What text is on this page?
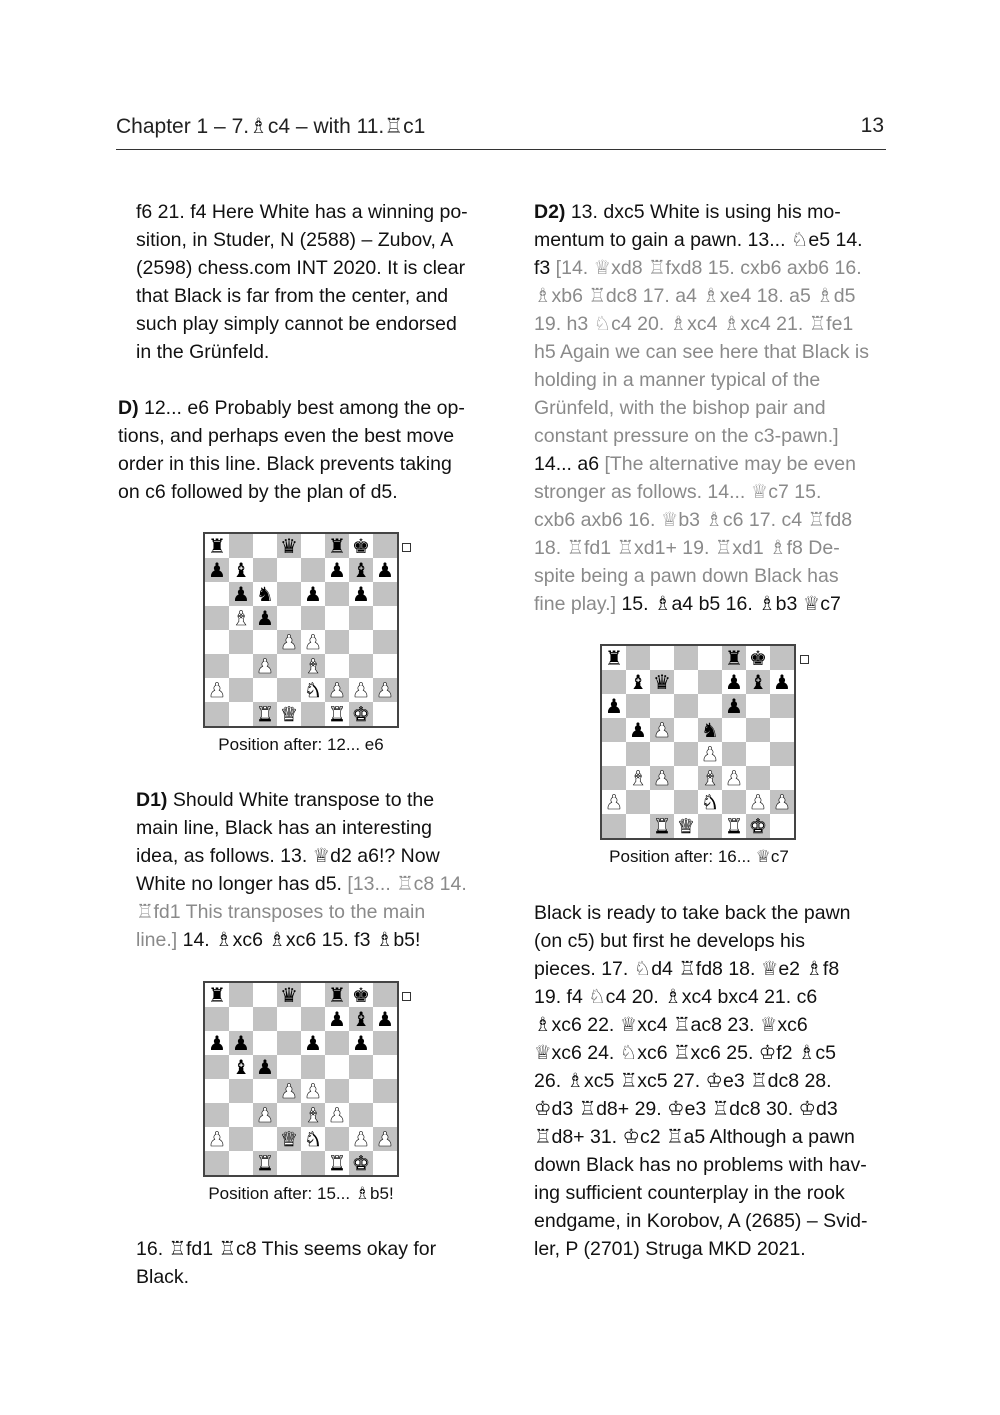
Chapter 1 – 7.♗c4 – with 11.♖c1	13
f6 21. f4 Here White has a winning po-
sition, in Studer, N (2588) – Zubov, A
(2598) chess.com INT 2020. It is clear
that Black is far from the center, and
such play simply cannot be endorsed
in the Grünfeld.
D) 12... e6 Probably best among the op-
tions, and perhaps even the best move
order in this line. Black prevents taking
on c6 followed by the plan of d5.
♜	♛ ♜ ♚
♟ ♝	♟ ♝ ♟
♟ ♞ ♟ ♟
♝ ♟
♟ ♟
♟ ♝
♟	♞ ♟ ♟ ♟
♜ ♛ ♜ ♚
Position after: 12... e6
D1) Should White transpose to the
main line, Black has an interesting
idea, as follows. 13. ♕d2 a6!? Now
White no longer has d5. [13... ♖c8 14.
♖fd1 This transposes to the main
line.] 14. ♗xc6 ♗xc6 15. f3 ♗b5!
♜	♛ ♜ ♚
♟ ♝ ♟
♟ ♟	♟ ♟
♝ ♟
♟ ♟
♟ ♝ ♟
♟	♛ ♞ ♟ ♟
♜	♜ ♚
Position after: 15... ♗b5!
16. ♖fd1 ♖c8 This seems okay for
Black.
D2) 13. dxc5 White is using his mo-
mentum to gain a pawn. 13... ♘e5 14.
f3 [14. ♕xd8 ♖fxd8 15. cxb6 axb6 16.
♗xb6 ♖dc8 17. a4 ♗xe4 18. a5 ♗d5
19. h3 ♘c4 20. ♗xc4 ♗xc4 21. ♖fe1
h5 Again we can see here that Black is
holding in a manner typical of the
Grünfeld, with the bishop pair and
constant pressure on the c3-pawn.]
14... a6 [The alternative may be even
stronger as follows. 14... ♕c7 15.
cxb6 axb6 16. ♕b3 ♗c6 17. c4 ♖fd8
18. ♖fd1 ♖xd1+ 19. ♖xd1 ♗f8 De-
spite being a pawn down Black has
fine play.] 15. ♗a4 b5 16. ♗b3 ♕c7
♜	♜ ♚
♝ ♛	♟ ♝ ♟
♟	♟
♟ ♟ ♞
♟
♝ ♟ ♝ ♟
♟	♞ ♟ ♟
♜ ♛ ♜ ♚
Position after: 16... ♕c7
Black is ready to take back the pawn
(on c5) but first he develops his
pieces. 17. ♘d4 ♖fd8 18. ♕e2 ♗f8
19. f4 ♘c4 20. ♗xc4 bxc4 21. c6
♗xc6 22. ♕xc4 ♖ac8 23. ♕xc6
♕xc6 24. ♘xc6 ♖xc6 25. ♔f2 ♗c5
26. ♗xc5 ♖xc5 27. ♔e3 ♖dc8 28.
♔d3 ♖d8+ 29. ♔e3 ♖dc8 30. ♔d3
♖d8+ 31. ♔c2 ♖a5 Although a pawn
down Black has no problems with hav-
ing sufficient counterplay in the rook
endgame, in Korobov, A (2685) – Svid-
ler, P (2701) Struga MKD 2021.
